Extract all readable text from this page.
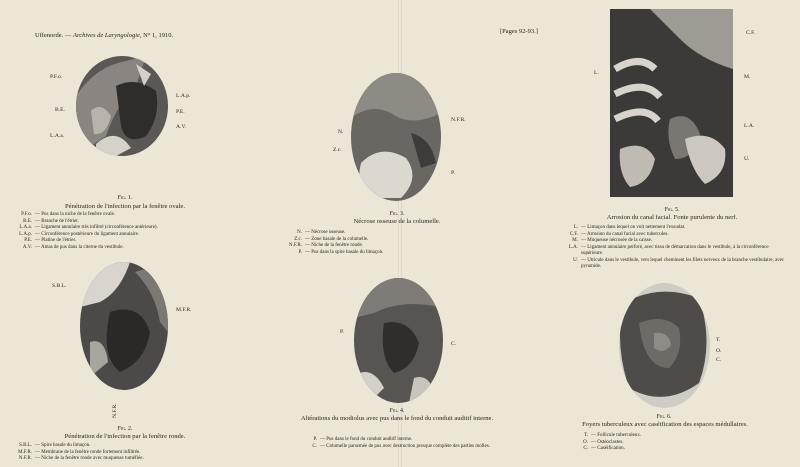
Uffenorde. — Archives de Laryngologie, N° 1, 1910.
[Pages 92-93.]
P.F.o.
B.E.
L.A.a.
L.A.p.
P.E.
A.V.
Fig. 1.
Pénétration de l'infection par la fenêtre ovale.
P.F.o. — Pus dans la niche de la fenêtre ovale.
B.E. — Branche de l'étrier.
L.A.a. — Ligament annulaire très infiltré (circonférence antérieure).
L.A.p. — Circonférence postérieure du ligament annulaire.
P.E. — Platine de l'étrier.
A.V. — Amas de pus dans la citerne du vestibule.
S.B.L.
M.F.R.
N.F.R.
Fig. 2.
Pénétration de l'infection par la fenêtre ronde.
S.B.L. — Spire basale du limaçon.
M.F.R. — Membrane de la fenêtre ronde fortement infiltrée.
N.F.R. — Niche de la fenêtre ronde avec muqueuse tuméfiée.
N.
Z.c.
N.F.R.
P.
Fig. 3.
Nécrose osseuse de la columelle.
N. — Nécrose osseuse.
Z.c. — Zone basale de la columelle.
N.F.R. — Niche de la fenêtre ronde.
P. — Pus dans la spire basale du limaçon.
P.
C.
Fig. 4.
Altérations du modiolus avec pus dans le fond du conduit auditif interne.
P. — Pus dans le fond du conduit auditif interne.
C. — Columelle parsemée de pus avec destruction presque complète des parties molles.
C.F.
L.
M.
L.A.
U.
Fig. 5.
Arrosion du canal facial. Fonte purulente du nerf.
L. — Limaçon dans lequel on voit nettement l'exsudat.
C.F. — Arrosion du canal facial avec tubercules.
M. — Muqueuse nécrosée de la caisse.
L.A. — Ligament annulaire perforé, avec tissu de démarcation dans le vestibule, à la circonférence supérieure.
U. — Utricule dans le vestibule, vers lequel cheminent les filets nerveux de la branche vestibulaire, avec pyramide.
T.
O.
C.
Fig. 6.
Foyers tuberculeux avec caséification des espaces médullaires.
T. — Follicule tuberculeux.
O. — Ostéoclastes.
C. — Caséification.
